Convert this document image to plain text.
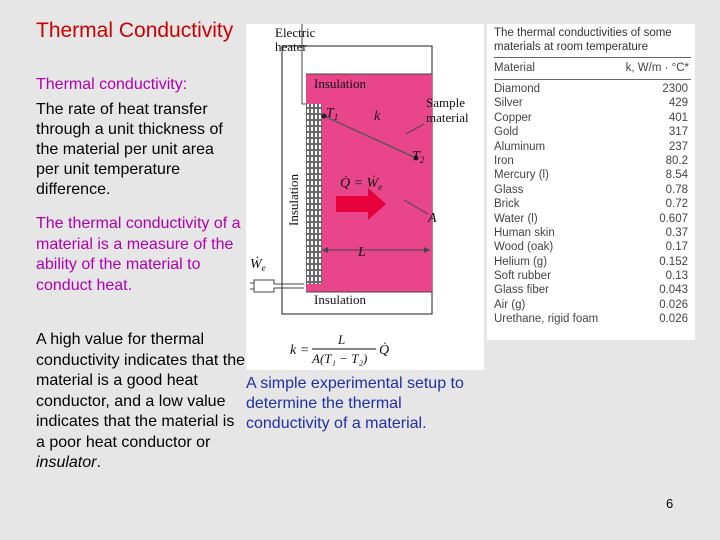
Thermal Conductivity
Thermal conductivity:
The rate of heat transfer through a unit thickness of the material per unit area per unit temperature difference.
The thermal conductivity of a material is a measure of the ability of the material to conduct heat.
A high value for thermal conductivity indicates that the material is a good heat conductor, and a low value indicates that the material is a poor heat conductor or insulator.
Electric
heater
Insulation
Insulation
Insulation
Sample
material
$T_1$	k
$T_2$
Q̇ = Ẇ$_e$
A
L
Ẇ$_e$
k =
L
A(T₁ − T₂)
Q̇
A simple experimental setup to determine the thermal conductivity of a material.
The thermal conductivities of some materials at room temperature
Material	k, W/m · °C*
Diamond	2300
Silver	429
Copper	401
Gold	317
Aluminum	237
Iron	80.2
Mercury (l)	8.54
Glass	0.78
Brick	0.72
Water (l)	0.607
Human skin	0.37
Wood (oak)	0.17
Helium (g)	0.152
Soft rubber	0.13
Glass fiber	0.043
Air (g)	0.026
Urethane, rigid foam	0.026
6
